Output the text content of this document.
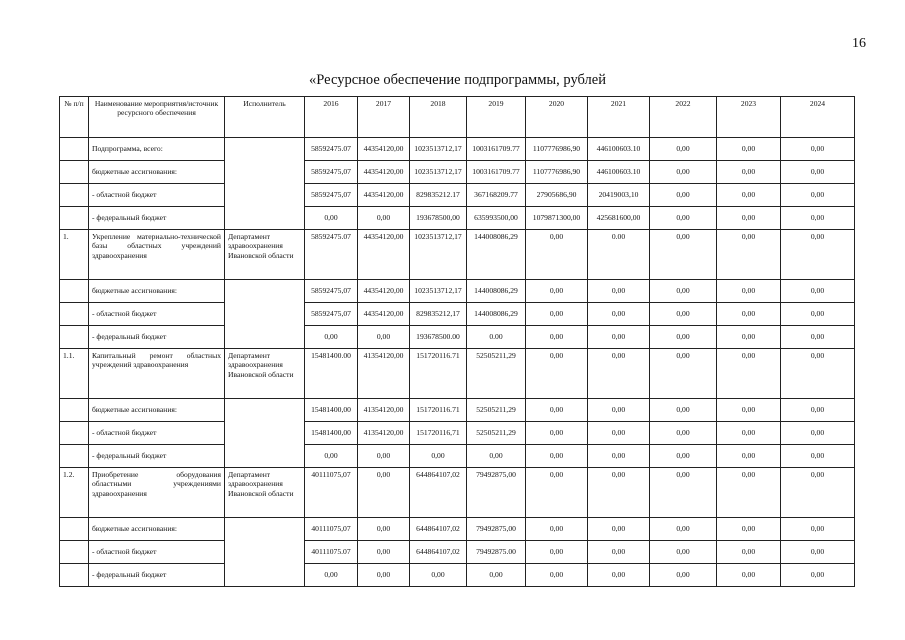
16
«Ресурсное обеспечение подпрограммы, рублей
№ п/п	Наименование мероприятия/источник ресурсного обеспечения	Исполнитель	2016	2017	2018	2019	2020	2021	2022	2023	2024
	Подпрограмма, всего:		58592475.07	44354120,00	1023513712,17	1003161709.77	1107776986,90	446100603.10	0,00	0,00	0,00
	бюджетные ассигнования:		58592475,07	44354120,00	1023513712,17	1003161709.77	1107776986,90	446100603.10	0,00	0,00	0,00
	- областной бюджет		58592475,07	44354120,00	829835212.17	367168209.77	27905686,90	20419003,10	0,00	0,00	0,00
	- федеральный бюджет		0,00	0,00	193678500,00	635993500,00	1079871300,00	425681600,00	0,00	0,00	0,00
1.	Укрепление материально-технической базы областных учреждений здравоохранения	Департамент здравоохранения Ивановской области	58592475.07	44354120,00	1023513712,17	144008086,29	0,00	0.00	0,00	0,00	0,00
	бюджетные ассигнования:		58592475,07	44354120,00	1023513712,17	144008086,29	0,00	0,00	0,00	0,00	0,00
	- областной бюджет		58592475,07	44354120,00	829835212,17	144008086,29	0,00	0,00	0,00	0,00	0,00
	- федеральный бюджет		0,00	0,00	193678500.00	0.00	0,00	0,00	0,00	0,00	0,00
1.1.	Капитальный ремонт областных учреждений здравоохранения	Департамент здравоохранения Ивановской области	15481400.00	41354120,00	151720116.71	52505211,29	0,00	0,00	0,00	0,00	0,00
	бюджетные ассигнования:		15481400,00	41354120,00	151720116.71	52505211,29	0,00	0,00	0,00	0,00	0,00
	- областной бюджет		15481400,00	41354120,00	151720116,71	52505211,29	0,00	0,00	0,00	0,00	0,00
	- федеральный бюджет		0,00	0,00	0,00	0,00	0,00	0,00	0,00	0,00	0,00
1.2.	Приобретение оборудования областными учреждениями здравоохранения	Департамент здравоохранения Ивановской области	40111075,07	0,00	644864107,02	79492875,00	0,00	0,00	0,00	0,00	0,00
	бюджетные ассигнования:		40111075,07	0,00	644864107,02	79492875,00	0,00	0,00	0,00	0,00	0,00
	- областной бюджет		40111075.07	0,00	644864107,02	79492875.00	0,00	0,00	0,00	0,00	0,00
	- федеральный бюджет		0,00	0,00	0,00	0,00	0,00	0,00	0,00	0,00	0,00
